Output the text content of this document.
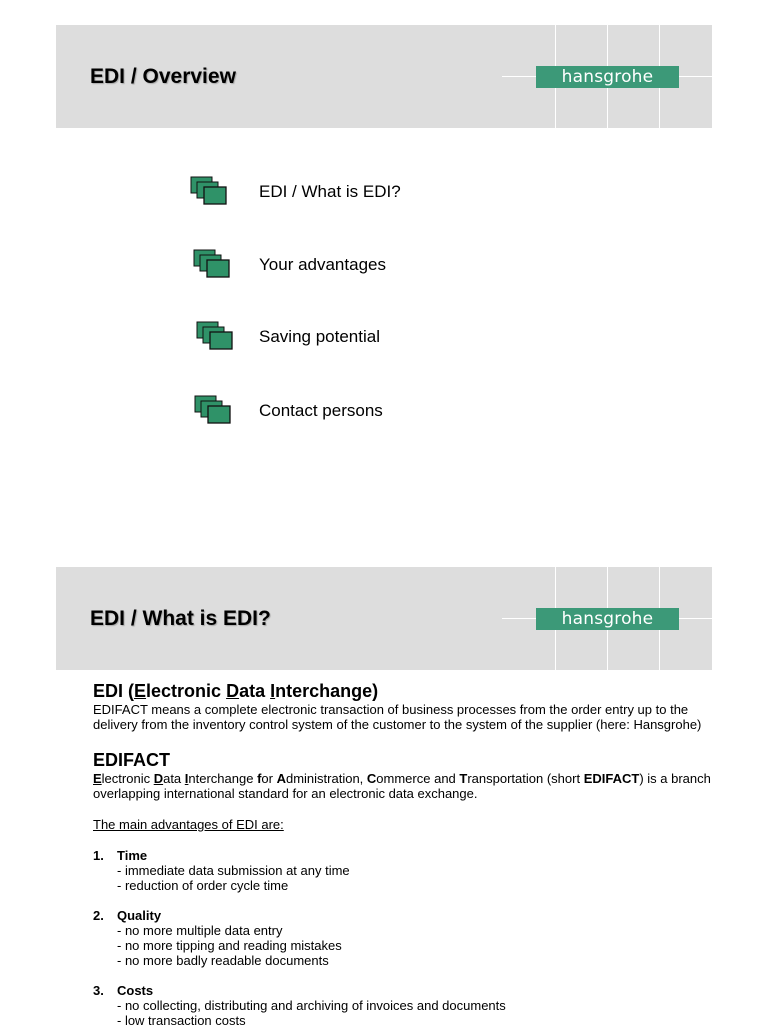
EDI / Overview	hansgrohe
EDI / What is EDI?
Your advantages
Saving potential
Contact persons
EDI / What is EDI?	hansgrohe
EDI (Electronic Data Interchange)

EDIFACT means a complete electronic transaction of business processes from the order entry up to the delivery from the inventory control system of the customer to the system of the supplier (here: Hansgrohe)

EDIFACT

Electronic Data Interchange for Administration, Commerce and Transportation (short EDIFACT) is a branch overlapping international standard for an electronic data exchange.

The main advantages of EDI are:

1. Time
- immediate data submission at any time
- reduction of order cycle time
2. Quality
- no more multiple data entry
- no more tipping and reading mistakes
- no more badly readable documents
3. Costs
- no collecting, distributing and archiving of invoices and documents
- low transaction costs
